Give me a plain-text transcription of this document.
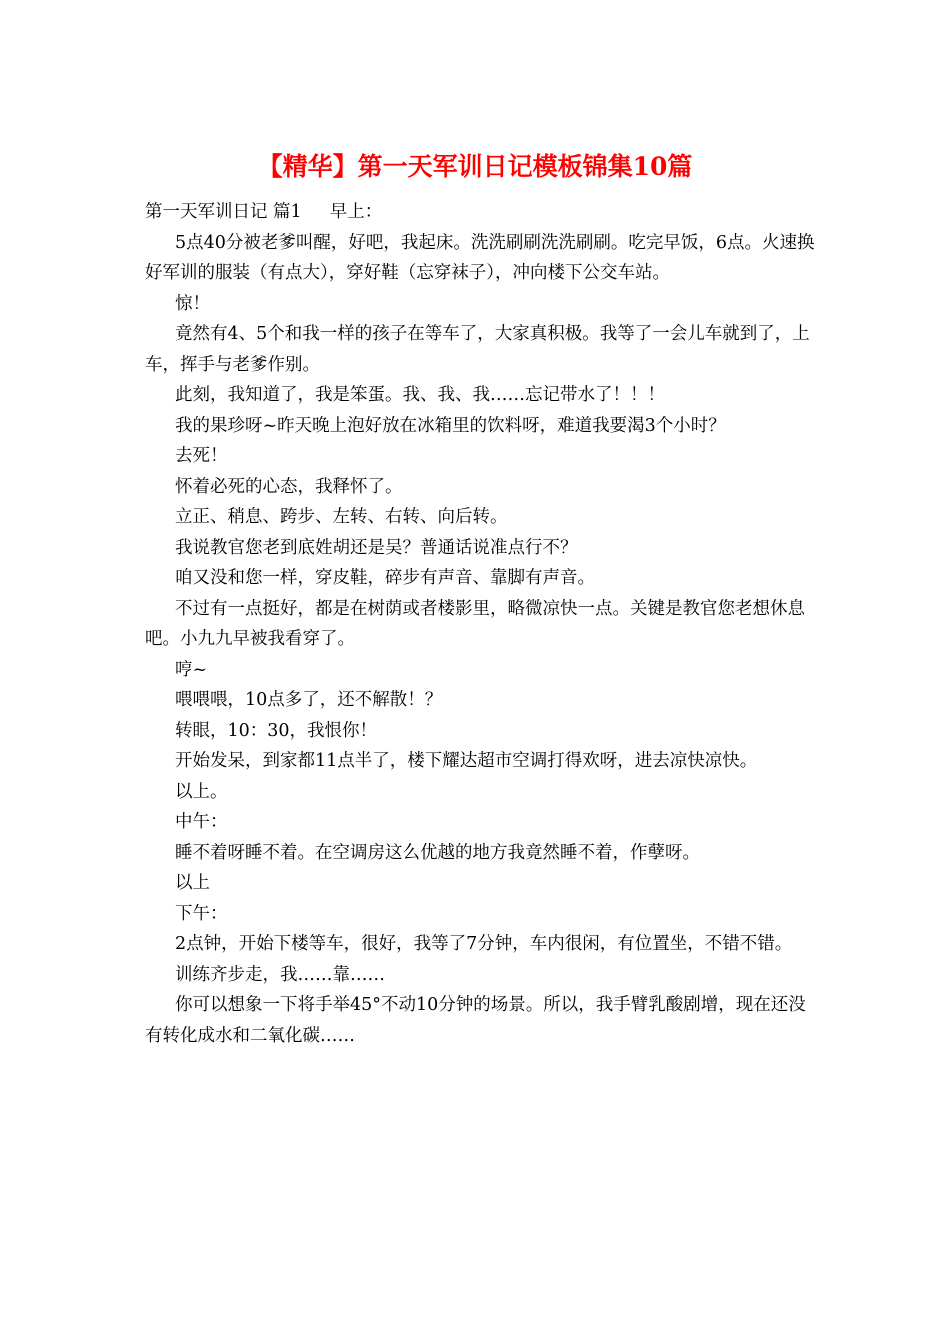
【精华】第一天军训日记模板锦集10篇

第一天军训日记 篇1 早上：

5点40分被老爹叫醒，好吧，我起床。洗洗刷刷洗洗刷刷。吃完早饭，6点。火速换好军训的服装（有点大），穿好鞋（忘穿袜子），冲向楼下公交车站。

惊！

竟然有4、5个和我一样的孩子在等车了，大家真积极。我等了一会儿车就到了，上车，挥手与老爹作别。

此刻，我知道了，我是笨蛋。我、我、我……忘记带水了！！！

我的果珍呀~昨天晚上泡好放在冰箱里的饮料呀，难道我要渴3个小时？

去死！

怀着必死的心态，我释怀了。

立正、稍息、跨步、左转、右转、向后转。

我说教官您老到底姓胡还是吴？普通话说准点行不？

咱又没和您一样，穿皮鞋，碎步有声音、靠脚有声音。

不过有一点挺好，都是在树荫或者楼影里，略微凉快一点。关键是教官您老想休息吧。小九九早被我看穿了。

哼~

喂喂喂，10点多了，还不解散！？

转眼，10：30，我恨你！

开始发呆，到家都11点半了，楼下耀达超市空调打得欢呀，进去凉快凉快。

以上。

中午：

睡不着呀睡不着。在空调房这么优越的地方我竟然睡不着，作孽呀。

以上

下午：

2点钟，开始下楼等车，很好，我等了7分钟，车内很闲，有位置坐，不错不错。

训练齐步走，我……靠……

你可以想象一下将手举45°不动10分钟的场景。所以，我手臂乳酸剧增，现在还没有转化成水和二氧化碳……
